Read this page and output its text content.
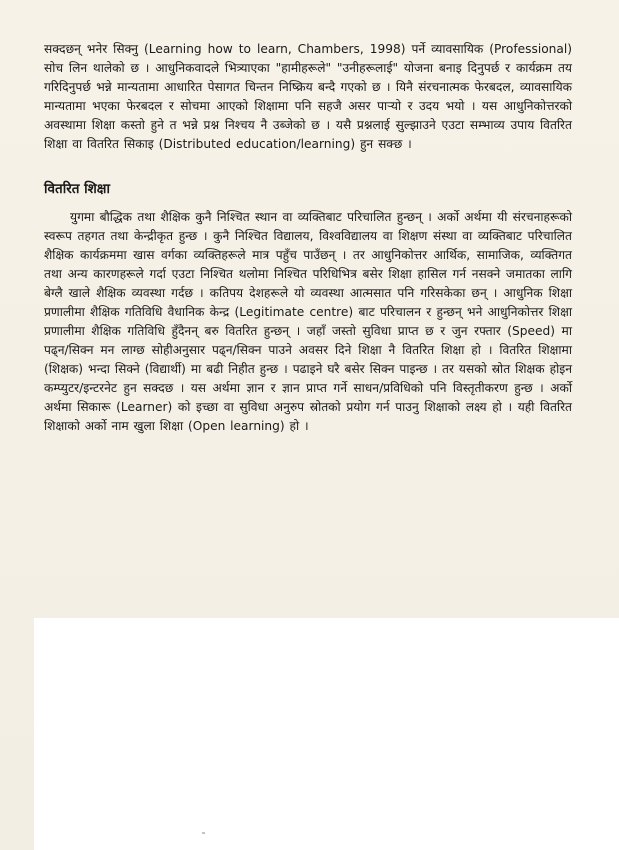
सक्दछन् भनेर सिक्नु (Learning how to learn, Chambers, 1998) पर्ने व्यावसायिक (Professional) सोच लिन थालेको छ । आधुनिकवादले भित्र्याएका "हामीहरूले" "उनीहरूलाई" योजना बनाइ दिनुपर्छ र कार्यक्रम तय गरिदिनुपर्छ भन्ने मान्यतामा आधारित पेसागत चिन्तन निष्क्रिय बन्दै गएको छ । यिनै संरचनात्मक फेरबदल, व्यावसायिक मान्यतामा भएका फेरबदल र सोचमा आएको शिक्षामा पनि सहजै असर पाऱ्यो र उदय भयो । यस आधुनिकोत्तरको अवस्थामा शिक्षा कस्तो हुने त भन्ने प्रश्न निश्चय नै उब्जेको छ । यसै प्रश्नलाई सुल्झाउने एउटा सम्भाव्य उपाय वितरित शिक्षा वा वितरित सिकाइ (Distributed education/learning) हुन सक्छ ।

वितरित शिक्षा

युगमा बौद्धिक तथा शैक्षिक कुनै निश्चित स्थान वा व्यक्तिबाट परिचालित हुन्छन् । अर्को अर्थमा यी संरचनाहरूको स्वरूप तहगत तथा केन्द्रीकृत हुन्छ । कुनै निश्चित विद्यालय, विश्वविद्यालय वा शिक्षण संस्था वा व्यक्तिबाट परिचालित शैक्षिक कार्यक्रममा खास वर्गका व्यक्तिहरूले मात्र पहुँच पाउँछन् । तर आधुनिकोत्तर आर्थिक, सामाजिक, व्यक्तिगत तथा अन्य कारणहरूले गर्दा एउटा निश्चित थलोमा निश्चित परिधिभित्र बसेर शिक्षा हासिल गर्न नसक्ने जमातका लागि बेग्लै खाले शैक्षिक व्यवस्था गर्दछ । कतिपय देशहरूले यो व्यवस्था आत्मसात पनि गरिसकेका छन् । आधुनिक शिक्षा प्रणालीमा शैक्षिक गतिविधि वैधानिक केन्द्र (Legitimate centre) बाट परिचालन र हुन्छन् भने आधुनिकोत्तर शिक्षा प्रणालीमा शैक्षिक गतिविधि हुँदैनन् बरु वितरित हुन्छन् । जहाँ जस्तो सुविधा प्राप्त छ र जुन रफ्तार (Speed) मा पढ्न/सिक्न मन लाग्छ सोहीअनुसार पढ्न/सिक्न पाउने अवसर दिने शिक्षा नै वितरित शिक्षा हो । वितरित शिक्षामा (शिक्षक) भन्दा सिक्ने (विद्यार्थी) मा बढी निहीत हुन्छ । पढाइने घरै बसेर सिक्न पाइन्छ । तर यसको स्रोत शिक्षक होइन कम्प्युटर/इन्टरनेट हुन सक्दछ । यस अर्थमा ज्ञान र ज्ञान प्राप्त गर्ने साधन/प्रविधिको पनि विस्तृतीकरण हुन्छ । अर्को अर्थमा सिकारू (Learner) को इच्छा वा सुविधा अनुरुप स्रोतको प्रयोग गर्न पाउनु शिक्षाको लक्ष्य हो । यही वितरित शिक्षाको अर्को नाम खुला शिक्षा (Open learning) हो ।
